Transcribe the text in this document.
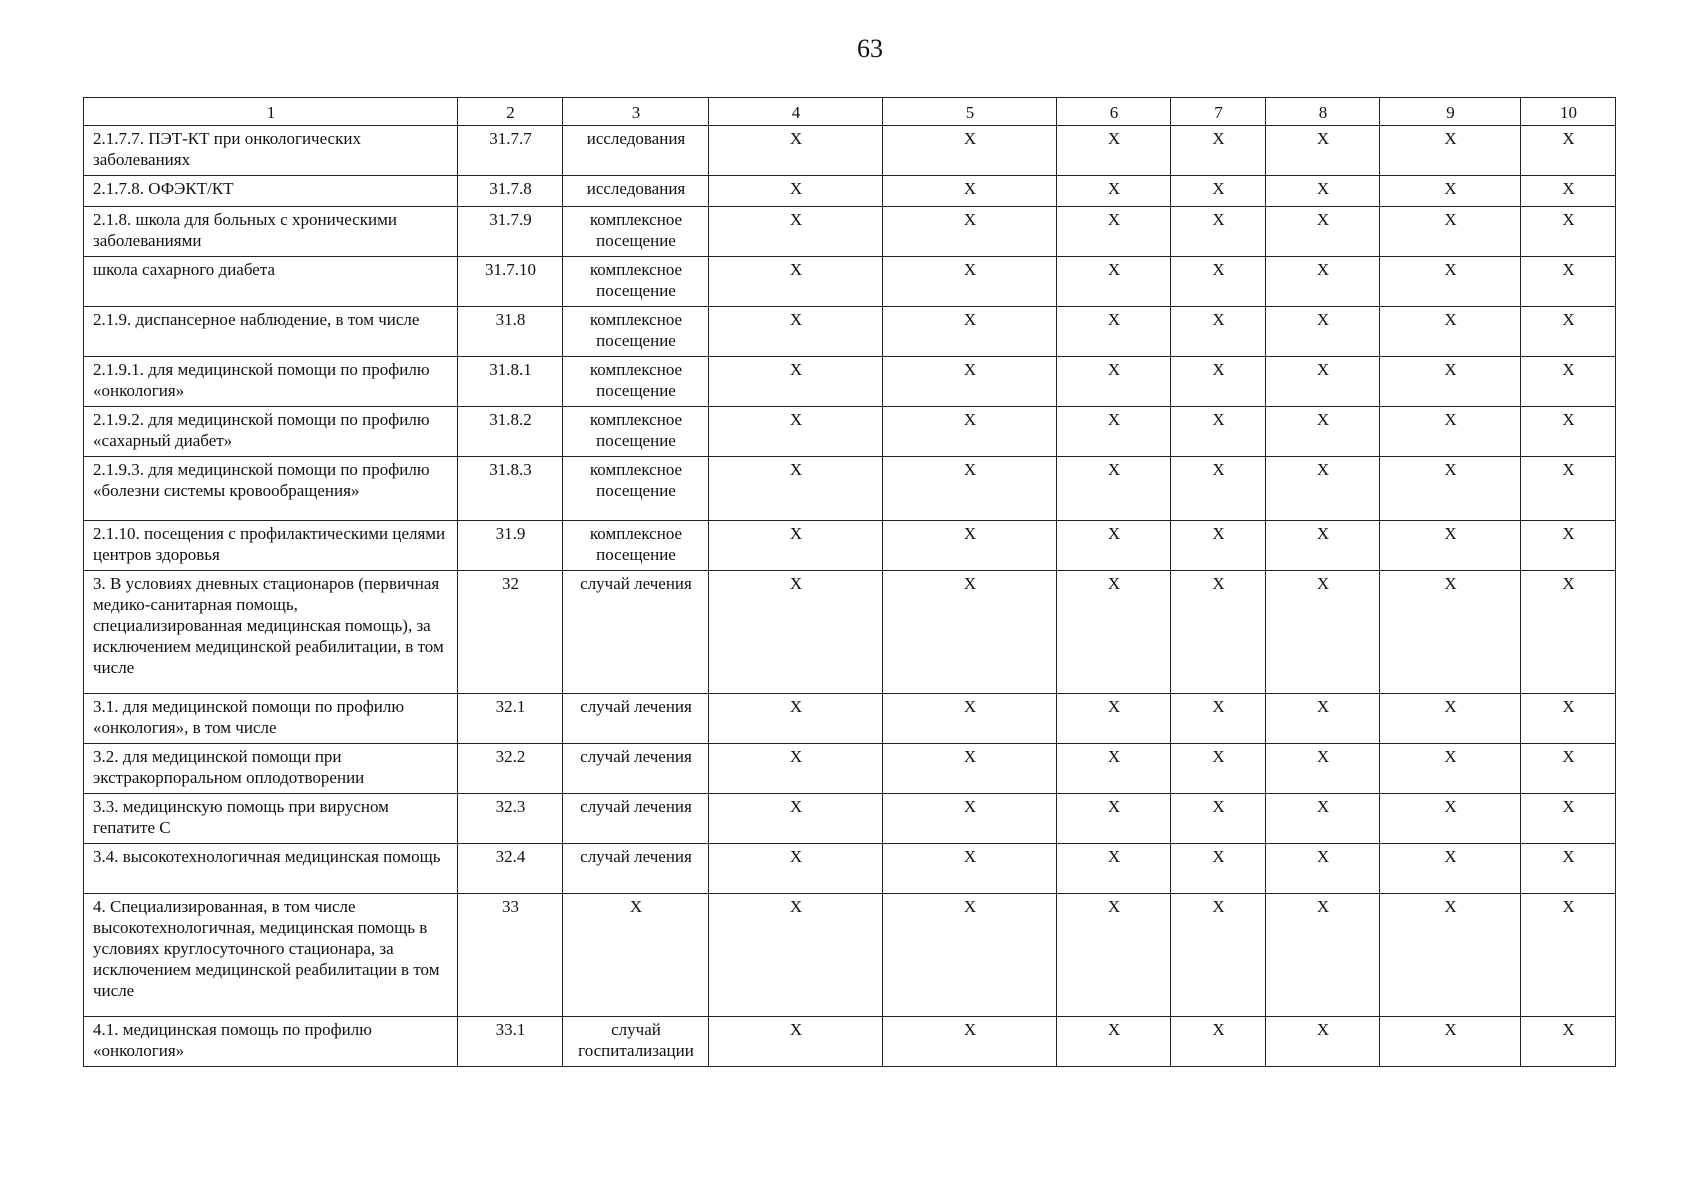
63
1	2	3	4	5	6	7	8	9	10
2.1.7.7. ПЭТ-КТ при онкологических заболеваниях	31.7.7	исследования	Х	Х	Х	Х	Х	Х	Х
2.1.7.8. ОФЭКТ/КТ	31.7.8	исследования	Х	Х	Х	Х	Х	Х	Х
2.1.8. школа для больных с хроническими заболеваниями	31.7.9	комплексное посещение	Х	Х	Х	Х	Х	Х	Х
школа сахарного диабета	31.7.10	комплексное посещение	Х	Х	Х	Х	Х	Х	Х
2.1.9. диспансерное наблюдение, в том числе	31.8	комплексное посещение	Х	Х	Х	Х	Х	Х	Х
2.1.9.1. для медицинской помощи по профилю «онкология»	31.8.1	комплексное посещение	Х	Х	Х	Х	Х	Х	Х
2.1.9.2. для медицинской помощи по профилю «сахарный диабет»	31.8.2	комплексное посещение	Х	Х	Х	Х	Х	Х	Х
2.1.9.3. для медицинской помощи по профилю «болезни системы кровообращения»	31.8.3	комплексное посещение	Х	Х	Х	Х	Х	Х	Х
2.1.10. посещения с профилактическими целями центров здоровья	31.9	комплексное посещение	Х	Х	Х	Х	Х	Х	Х
3. В условиях дневных стационаров (первичная медико-санитарная помощь, специализированная медицинская помощь), за исключением медицинской реабилитации, в том числе	32	случай лечения	Х	Х	Х	Х	Х	Х	Х
3.1. для медицинской помощи по профилю «онкология», в том числе	32.1	случай лечения	Х	Х	Х	Х	Х	Х	Х
3.2. для медицинской помощи при экстракорпоральном оплодотворении	32.2	случай лечения	Х	Х	Х	Х	Х	Х	Х
3.3. медицинскую помощь при вирусном гепатите С	32.3	случай лечения	Х	Х	Х	Х	Х	Х	Х
3.4. высокотехнологичная медицинская помощь	32.4	случай лечения	Х	Х	Х	Х	Х	Х	Х
4. Специализированная, в том числе высокотехнологичная, медицинская помощь в условиях круглосуточного стационара, за исключением медицинской реабилитации в том числе	33	Х	Х	Х	Х	Х	Х	Х	Х
4.1. медицинская помощь по профилю «онкология»	33.1	случай госпитализации	Х	Х	Х	Х	Х	Х	Х
